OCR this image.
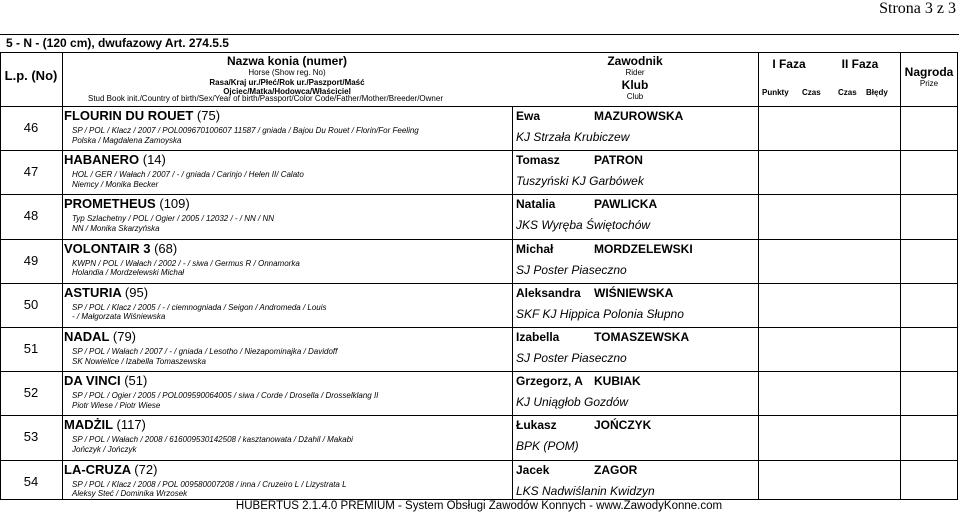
Strona 3 z 3
5 - N - (120 cm), dwufazowy Art. 274.5.5
L.p. (No)
Nazwa konia (numer)
Horse (Show reg. No)
Rasa/Kraj ur./Płeć/Rok ur./Paszport/Maść
Ojciec/Matka/Hodowca/Właściciel
Stud Book init./Country of birth/Sex/Year of birth/Passport/Color Code/Father/Mother/Breeder/Owner
Zawodnik
Rider
Klub
Club
I Faza	II Faza
Punkty Czas Czas Błędy
Nagroda
Prize
46
FLOURIN DU ROUET (75)
SP / POL / Klacz / 2007 / POL009670100607 11587 / gniada / Bajou Du Rouet / Florin/For Feeling
Polska / Magdalena Zamoyska
Ewa	MAZUROWSKA
KJ Strzała Krubiczew
47
HABANERO (14)
HOL / GER / Wałach / 2007 / - / gniada / Carinjo / Helen II/ Calato
Niemcy / Monika Becker
Tomasz	PATRON
Tuszyński KJ Garbówek
48
PROMETHEUS (109)
Typ Szlachetny / POL / Ogier / 2005 / 12032 / - / NN / NN
NN / Monika Skarzyńska
Natalia	PAWLICKA
JKS Wyręba Świętochów
49
VOLONTAIR 3 (68)
KWPN / POL / Wałach / 2002 / - / siwa / Germus R / Onnamorka
Holandia / Mordzelewski Michał
Michał	MORDZELEWSKI
SJ Poster Piaseczno
50
ASTURIA (95)
SP / POL / Klacz / 2005 / - / ciemnogniada / Seigon / Andromeda / Louis
- / Małgorzata Wiśniewska
Aleksandra WIŚNIEWSKA
SKF KJ Hippica Polonia Słupno
51
NADAL (79)
SP / POL / Wałach / 2007 / - / gniada / Lesotho / Niezapominajka / Davidoff
SK Nowielice / Izabella Tomaszewska
Izabella	TOMASZEWSKA
SJ Poster Piaseczno
52
DA VINCI (51)
SP / POL / Ogier / 2005 / POL009590064005 / siwa / Corde / Drosella / Drosselklang II
Piotr Wiese / Piotr Wiese
Grzegorz, A KUBIAK
KJ Uniągłob Gozdów
53
MADŻIL (117)
SP / POL / Wałach / 2008 / 616009530142508 / kasztanowata / Dżahil / Makabi
Jończyk / Jończyk
Łukasz	JOŃCZYK
BPK (POM)
54
LA-CRUZA (72)
SP / POL / Klacz / 2008 / POL 009580007208 / inna / Cruzeiro L / Lizystrata L
Aleksy Steć / Dominika Wrzosek
Jacek	ZAGOR
LKS Nadwiślanin Kwidzyn
HUBERTUS 2.1.4.0 PREMIUM - System Obsługi Zawodów Konnych - www.ZawodyKonne.com
